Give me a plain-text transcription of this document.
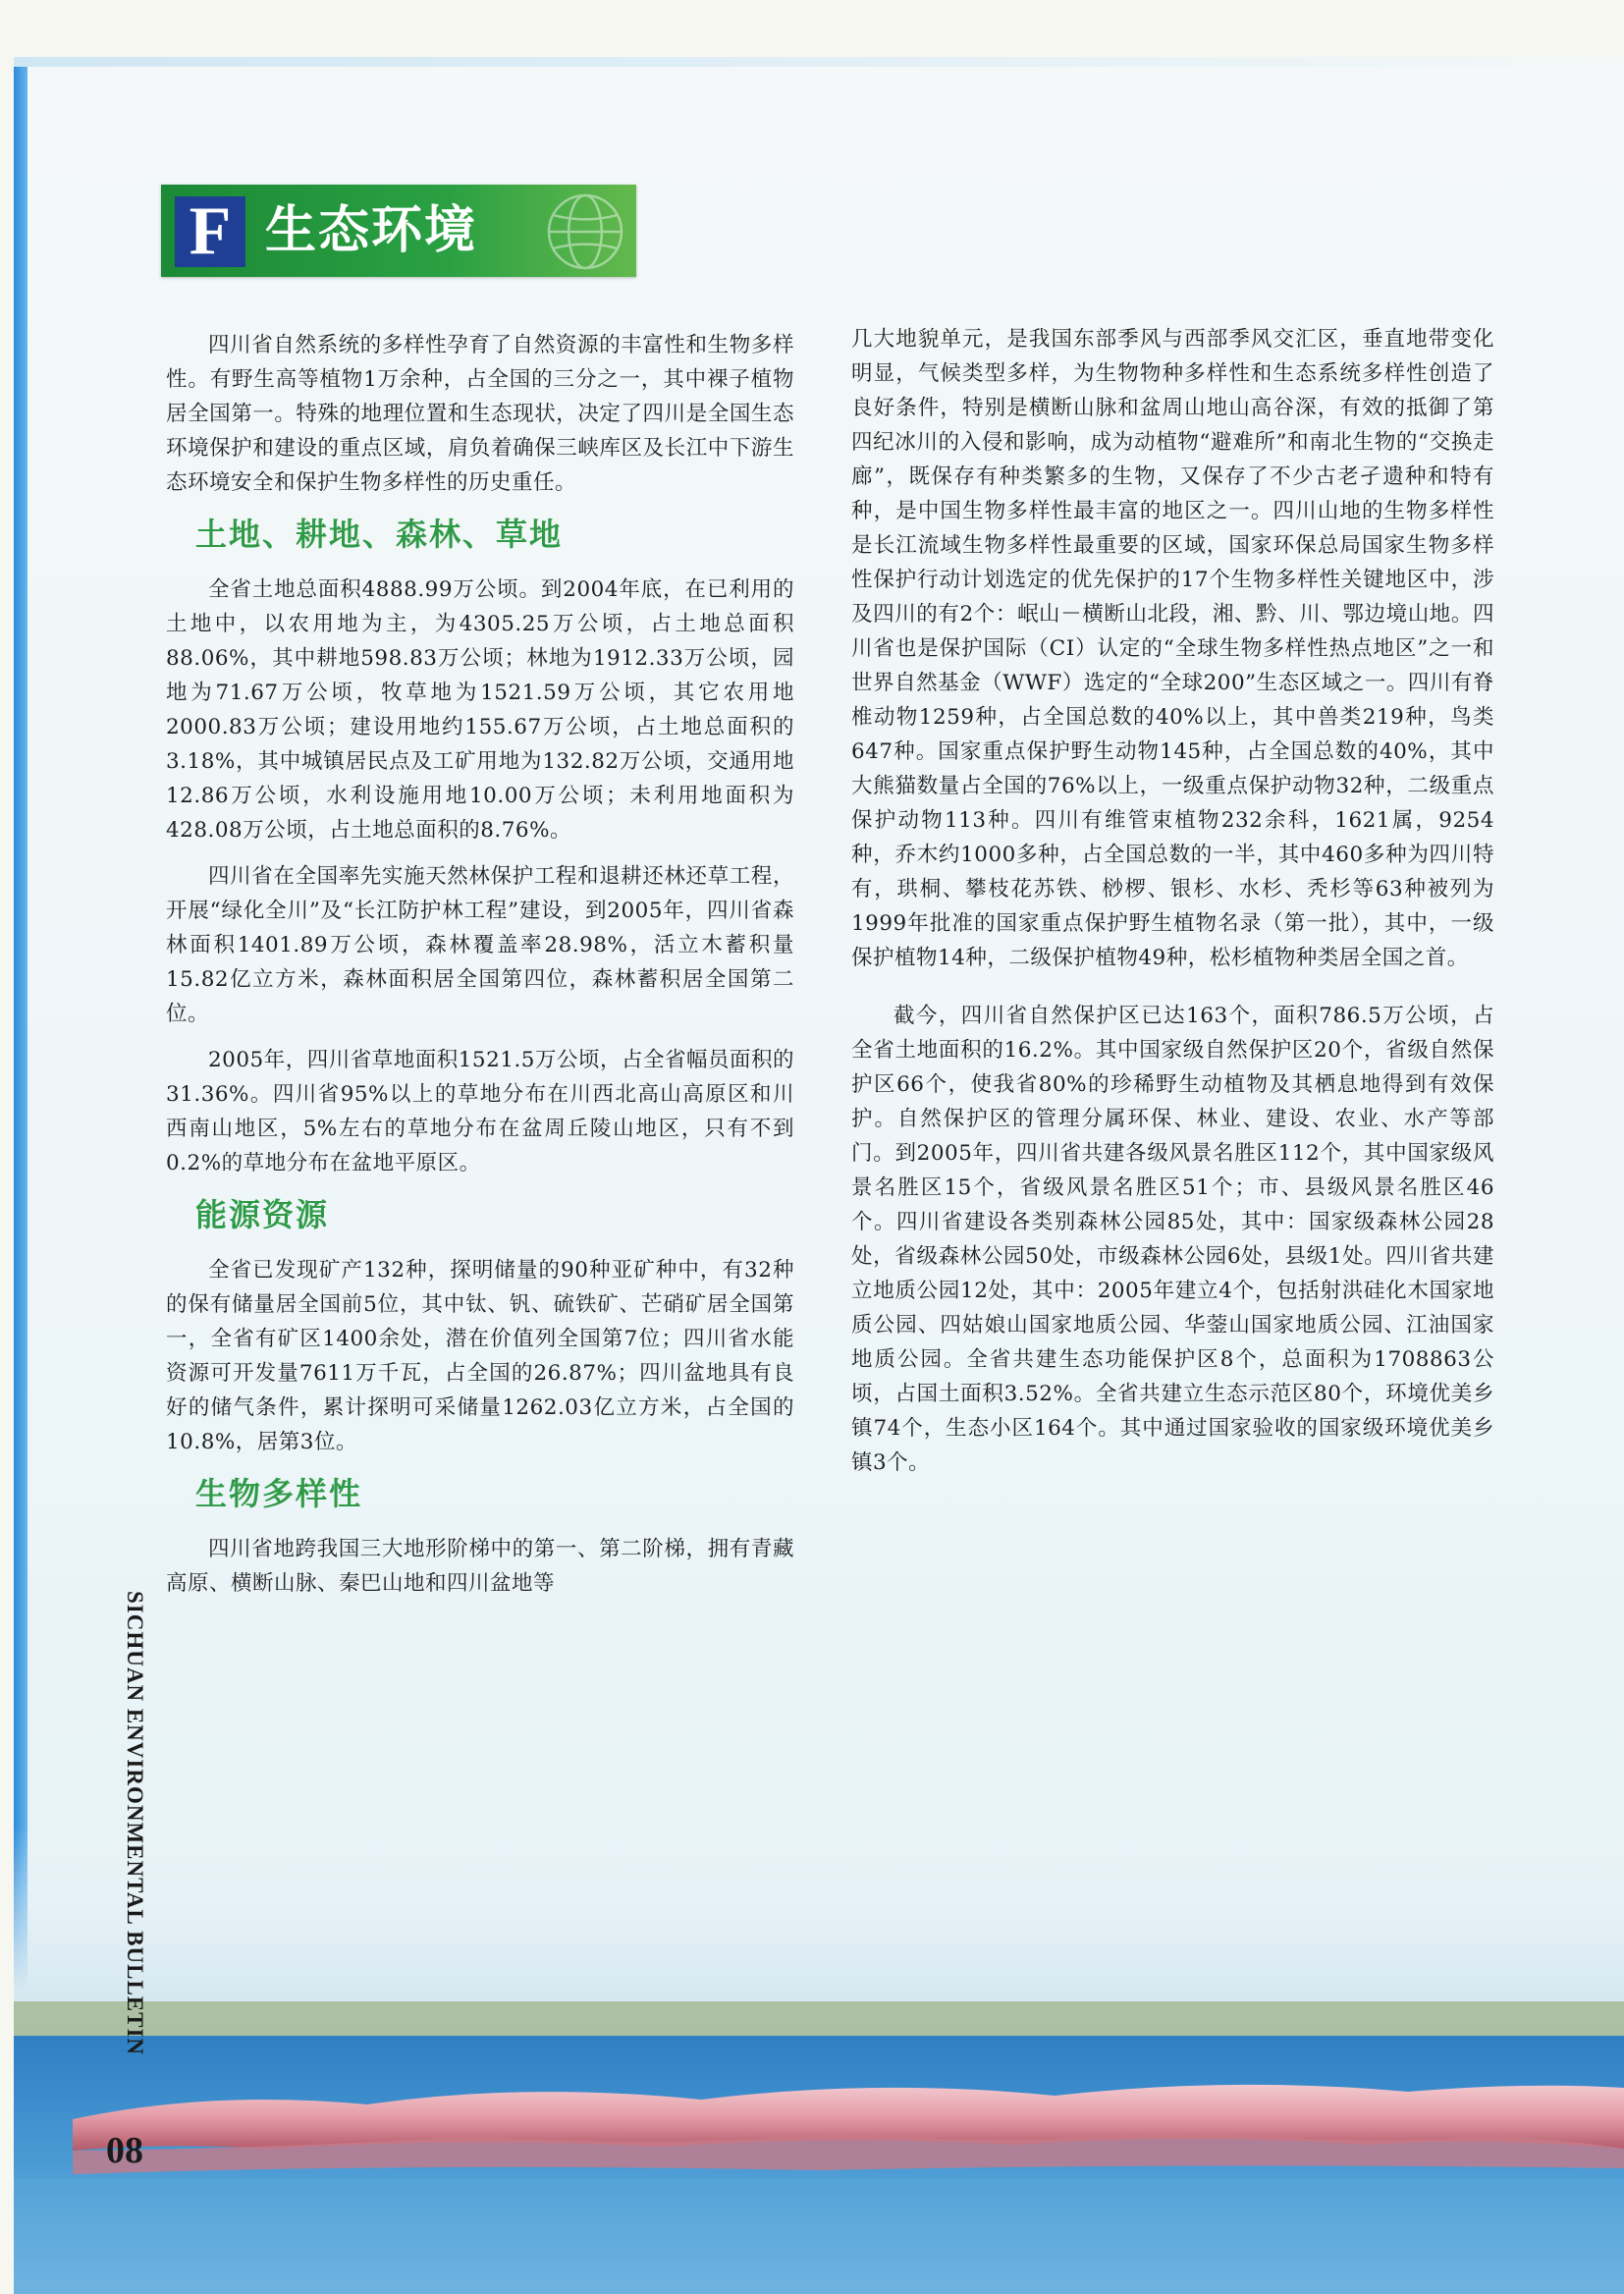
F 生态环境

四川省自然系统的多样性孕育了自然资源的丰富性和生物多样性。有野生高等植物1万余种，占全国的三分之一，其中裸子植物居全国第一。特殊的地理位置和生态现状，决定了四川是全国生态环境保护和建设的重点区域，肩负着确保三峡库区及长江中下游生态环境安全和保护生物多样性的历史重任。

土地、耕地、森林、草地

全省土地总面积4888.99万公顷。到2004年底，在已利用的土地中，以农用地为主，为4305.25万公顷，占土地总面积88.06%，其中耕地598.83万公顷；林地为1912.33万公顷，园地为71.67万公顷，牧草地为1521.59万公顷，其它农用地2000.83万公顷；建设用地约155.67万公顷，占土地总面积的3.18%，其中城镇居民点及工矿用地为132.82万公顷，交通用地12.86万公顷，水利设施用地10.00万公顷；未利用地面积为428.08万公顷，占土地总面积的8.76%。

四川省在全国率先实施天然林保护工程和退耕还林还草工程，开展“绿化全川”及“长江防护林工程”建设，到2005年，四川省森林面积1401.89万公顷，森林覆盖率28.98%，活立木蓄积量15.82亿立方米，森林面积居全国第四位，森林蓄积居全国第二位。

2005年，四川省草地面积1521.5万公顷，占全省幅员面积的31.36%。四川省95%以上的草地分布在川西北高山高原区和川西南山地区，5%左右的草地分布在盆周丘陵山地区，只有不到0.2%的草地分布在盆地平原区。

能源资源

全省已发现矿产132种，探明储量的90种亚矿种中，有32种的保有储量居全国前5位，其中钛、钒、硫铁矿、芒硝矿居全国第一，全省有矿区1400余处，潜在价值列全国第7位；四川省水能资源可开发量7611万千瓦，占全国的26.87%；四川盆地具有良好的储气条件，累计探明可采储量1262.03亿立方米，占全国的10.8%，居第3位。

生物多样性

四川省地跨我国三大地形阶梯中的第一、第二阶梯，拥有青藏高原、横断山脉、秦巴山地和四川盆地等

几大地貌单元，是我国东部季风与西部季风交汇区，垂直地带变化明显，气候类型多样，为生物物种多样性和生态系统多样性创造了良好条件，特别是横断山脉和盆周山地山高谷深，有效的抵御了第四纪冰川的入侵和影响，成为动植物“避难所”和南北生物的“交换走廊”，既保存有种类繁多的生物，又保存了不少古老孑遗种和特有种，是中国生物多样性最丰富的地区之一。四川山地的生物多样性是长江流域生物多样性最重要的区域，国家环保总局国家生物多样性保护行动计划选定的优先保护的17个生物多样性关键地区中，涉及四川的有2个：岷山－横断山北段，湘、黔、川、鄂边境山地。四川省也是保护国际（CI）认定的“全球生物多样性热点地区”之一和世界自然基金（WWF）选定的“全球200”生态区域之一。四川有脊椎动物1259种，占全国总数的40%以上，其中兽类219种，鸟类647种。国家重点保护野生动物145种，占全国总数的40%，其中大熊猫数量占全国的76%以上，一级重点保护动物32种，二级重点保护动物113种。四川有维管束植物232余科，1621属，9254种，乔木约1000多种，占全国总数的一半，其中460多种为四川特有，珙桐、攀枝花苏铁、桫椤、银杉、水杉、秃杉等63种被列为1999年批准的国家重点保护野生植物名录（第一批），其中，一级保护植物14种，二级保护植物49种，松杉植物种类居全国之首。

截今，四川省自然保护区已达163个，面积786.5万公顷，占全省土地面积的16.2%。其中国家级自然保护区20个，省级自然保护区66个，使我省80%的珍稀野生动植物及其栖息地得到有效保护。自然保护区的管理分属环保、林业、建设、农业、水产等部门。到2005年，四川省共建各级风景名胜区112个，其中国家级风景名胜区15个，省级风景名胜区51个；市、县级风景名胜区46个。四川省建设各类别森林公园85处，其中：国家级森林公园28处，省级森林公园50处，市级森林公园6处，县级1处。四川省共建立地质公园12处，其中：2005年建立4个，包括射洪硅化木国家地质公园、四姑娘山国家地质公园、华蓥山国家地质公园、江油国家地质公园。全省共建生态功能保护区8个，总面积为1708863公顷，占国土面积3.52%。全省共建立生态示范区80个，环境优美乡镇74个，生态小区164个。其中通过国家验收的国家级环境优美乡镇3个。

SICHUAN ENVIRONMENTAL BULLETIN
08
